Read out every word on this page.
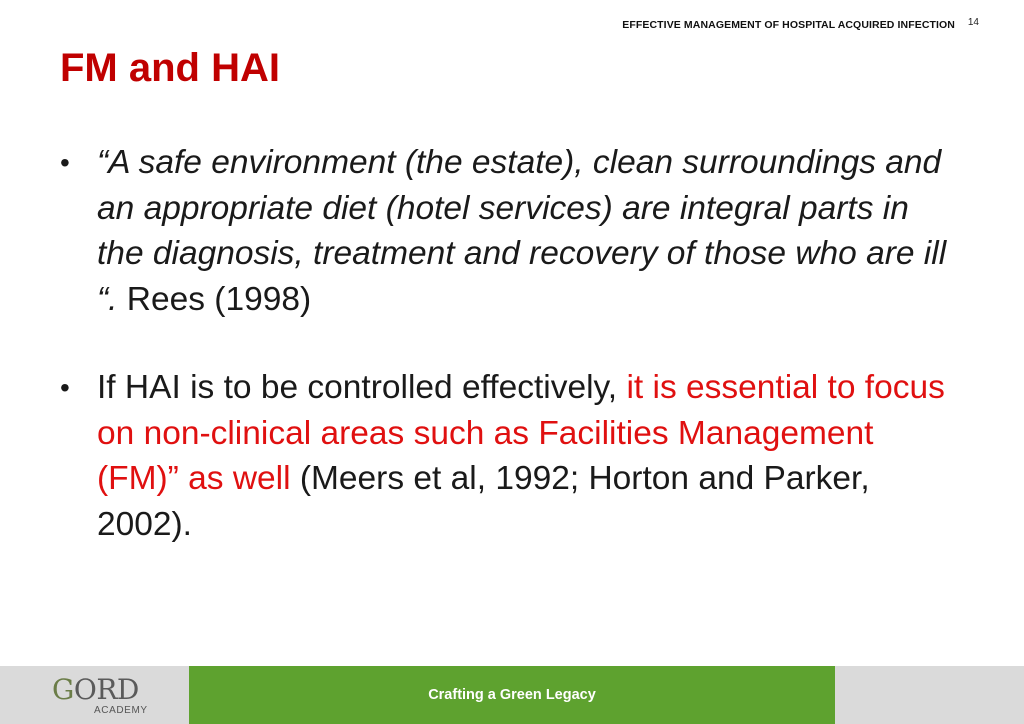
EFFECTIVE MANAGEMENT OF HOSPITAL ACQUIRED INFECTION 14
FM and HAI
• “A safe environment (the estate), clean surroundings and an appropriate diet (hotel services) are integral parts in the diagnosis, treatment and recovery of those who are ill “. Rees (1998)
• If HAI is to be controlled effectively, it is essential to focus on non-clinical areas such as Facilities Management (FM)” as well (Meers et al, 1992; Horton and Parker, 2002).
GORD
ACADEMY
Crafting a Green Legacy
